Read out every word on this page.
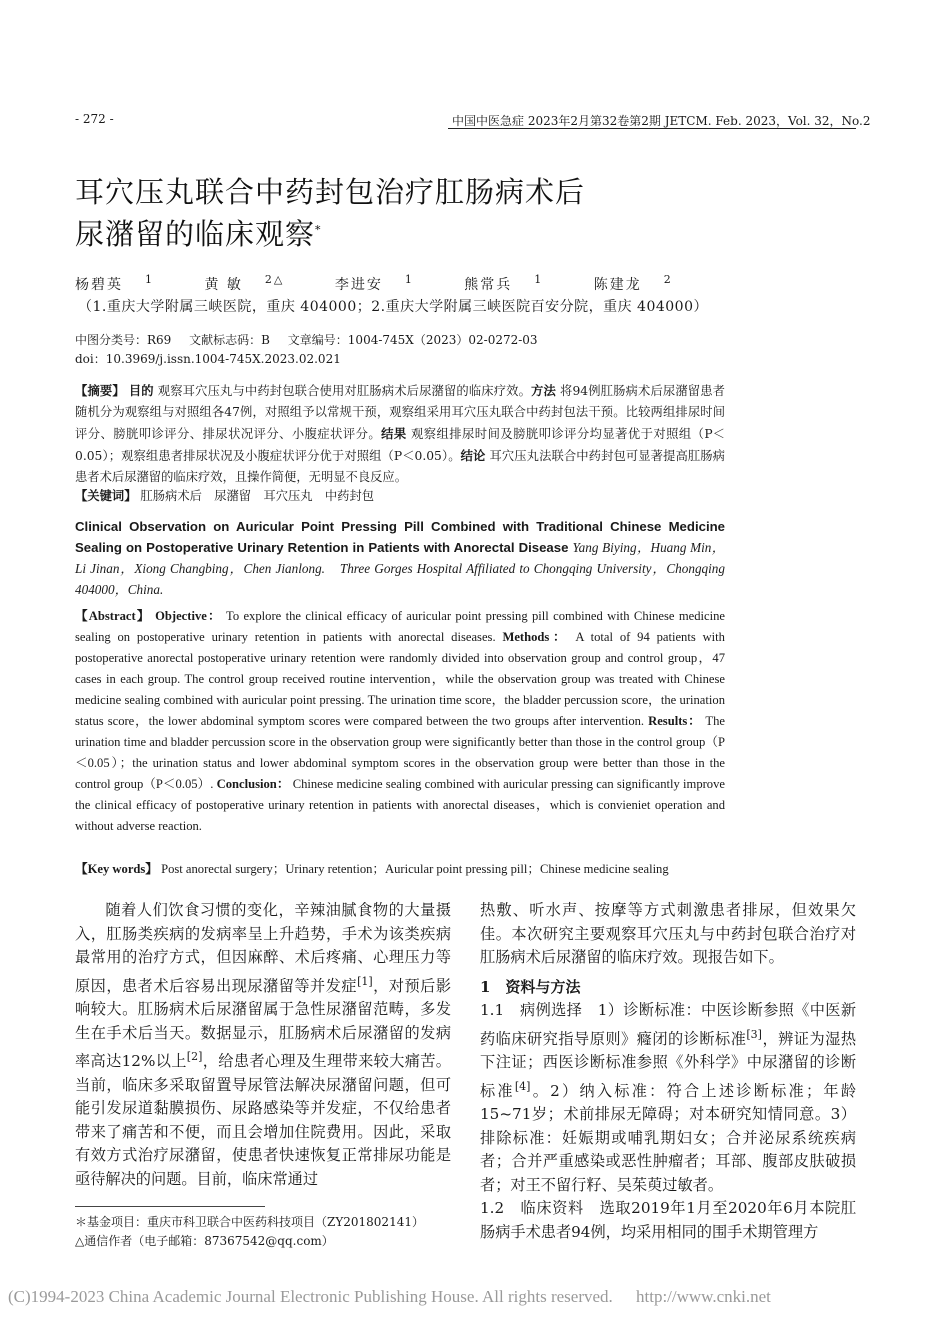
- 272 -	中国中医急症 2023年2月第32卷第2期 JETCM. Feb. 2023，Vol. 32，No.2
耳穴压丸联合中药封包治疗肛肠病术后
尿潴留的临床观察*
杨碧英 $^1$	黄 敏 $^{2\triangle}$	李进安 $^1$	熊常兵 $^1$	陈建龙 $^2$
（1.重庆大学附属三峡医院，重庆 404000；2.重庆大学附属三峡医院百安分院，重庆 404000）
中图分类号：R69 文献标志码：B 文章编号：1004-745X（2023）02-0272-03
doi：10.3969/j.issn.1004-745X.2023.02.021
【摘要】 目的 观察耳穴压丸与中药封包联合使用对肛肠病术后尿潴留的临床疗效。方法 将94例肛肠病术后尿潴留患者随机分为观察组与对照组各47例，对照组予以常规干预，观察组采用耳穴压丸联合中药封包法干预。比较两组排尿时间评分、膀胱叩诊评分、排尿状况评分、小腹症状评分。结果 观察组排尿时间及膀胱叩诊评分均显著优于对照组（P＜0.05）；观察组患者排尿状况及小腹症状评分优于对照组（P＜0.05）。结论 耳穴压丸法联合中药封包可显著提高肛肠病患者术后尿潴留的临床疗效，且操作简便，无明显不良反应。
【关键词】 肛肠病术后　尿潴留　耳穴压丸　中药封包
Clinical Observation on Auricular Point Pressing Pill Combined with Traditional Chinese Medicine Sealing on Postoperative Urinary Retention in Patients with Anorectal Disease Yang Biying，Huang Min，Li Jinan，Xiong Changbing，Chen Jianlong.　Three Gorges Hospital Affiliated to Chongqing University，Chongqing 404000，China.
【Abstract】 Objective： To explore the clinical efficacy of auricular point pressing pill combined with Chinese medicine sealing on postoperative urinary retention in patients with anorectal diseases. Methods： A total of 94 patients with postoperative anorectal postoperative urinary retention were randomly divided into observation group and control group，47 cases in each group. The control group received routine intervention，while the observation group was treated with Chinese medicine sealing combined with auricular point pressing. The urination time score，the bladder percussion score，the urination status score，the lower abdominal symptom scores were compared between the two groups after intervention. Results： The urination time and bladder percussion score in the observation group were significantly better than those in the control group（P＜0.05）；the urination status and lower abdominal symptom scores in the observation group were better than those in the control group（P＜0.05）. Conclusion： Chinese medicine sealing combined with auricular pressing can significantly improve the clinical efficacy of postoperative urinary retention in patients with anorectal diseases，which is convieniet operation and without adverse reaction.
【Key words】 Post anorectal surgery；Urinary retention；Auricular point pressing pill；Chinese medicine sealing

随着人们饮食习惯的变化，辛辣油腻食物的大量摄入，肛肠类疾病的发病率呈上升趋势，手术为该类疾病最常用的治疗方式，但因麻醉、术后疼痛、心理压力等原因，患者术后容易出现尿潴留等并发症[1]，对预后影响较大。肛肠病术后尿潴留属于急性尿潴留范畴，多发生在手术后当天。数据显示，肛肠病术后尿潴留的发病率高达12%以上[2]，给患者心理及生理带来较大痛苦。当前，临床多采取留置导尿管法解决尿潴留问题，但可能引发尿道黏膜损伤、尿路感染等并发症，不仅给患者带来了痛苦和不便，而且会增加住院费用。因此，采取有效方式治疗尿潴留，使患者快速恢复正常排尿功能是亟待解决的问题。目前，临床常通过

热敷、听水声、按摩等方式刺激患者排尿，但效果欠佳。本次研究主要观察耳穴压丸与中药封包联合治疗对肛肠病术后尿潴留的临床疗效。现报告如下。

1　资料与方法

1.1　病例选择　 1）诊断标准：中医诊断参照《中医新药临床研究指导原则》癃闭的诊断标准[3]，辨证为湿热下注证；西医诊断标准参照《外科学》中尿潴留的诊断标准[4]。2）纳入标准：符合上述诊断标准；年龄15~71岁；术前排尿无障碍；对本研究知情同意。3）排除标准：妊娠期或哺乳期妇女；合并泌尿系统疾病者；合并严重感染或恶性肿瘤者；耳部、腹部皮肤破损者；对王不留行籽、吴茱萸过敏者。

1.2　临床资料　 选取2019年1月至2020年6月本院肛肠病手术患者94例，均采用相同的围手术期管理方

＊基金项目：重庆市科卫联合中医药科技项目（ZY201802141）
△通信作者（电子邮箱：87367542@qq.com）
(C)1994-2023 China Academic Journal Electronic Publishing House. All rights reserved. http://www.cnki.net
